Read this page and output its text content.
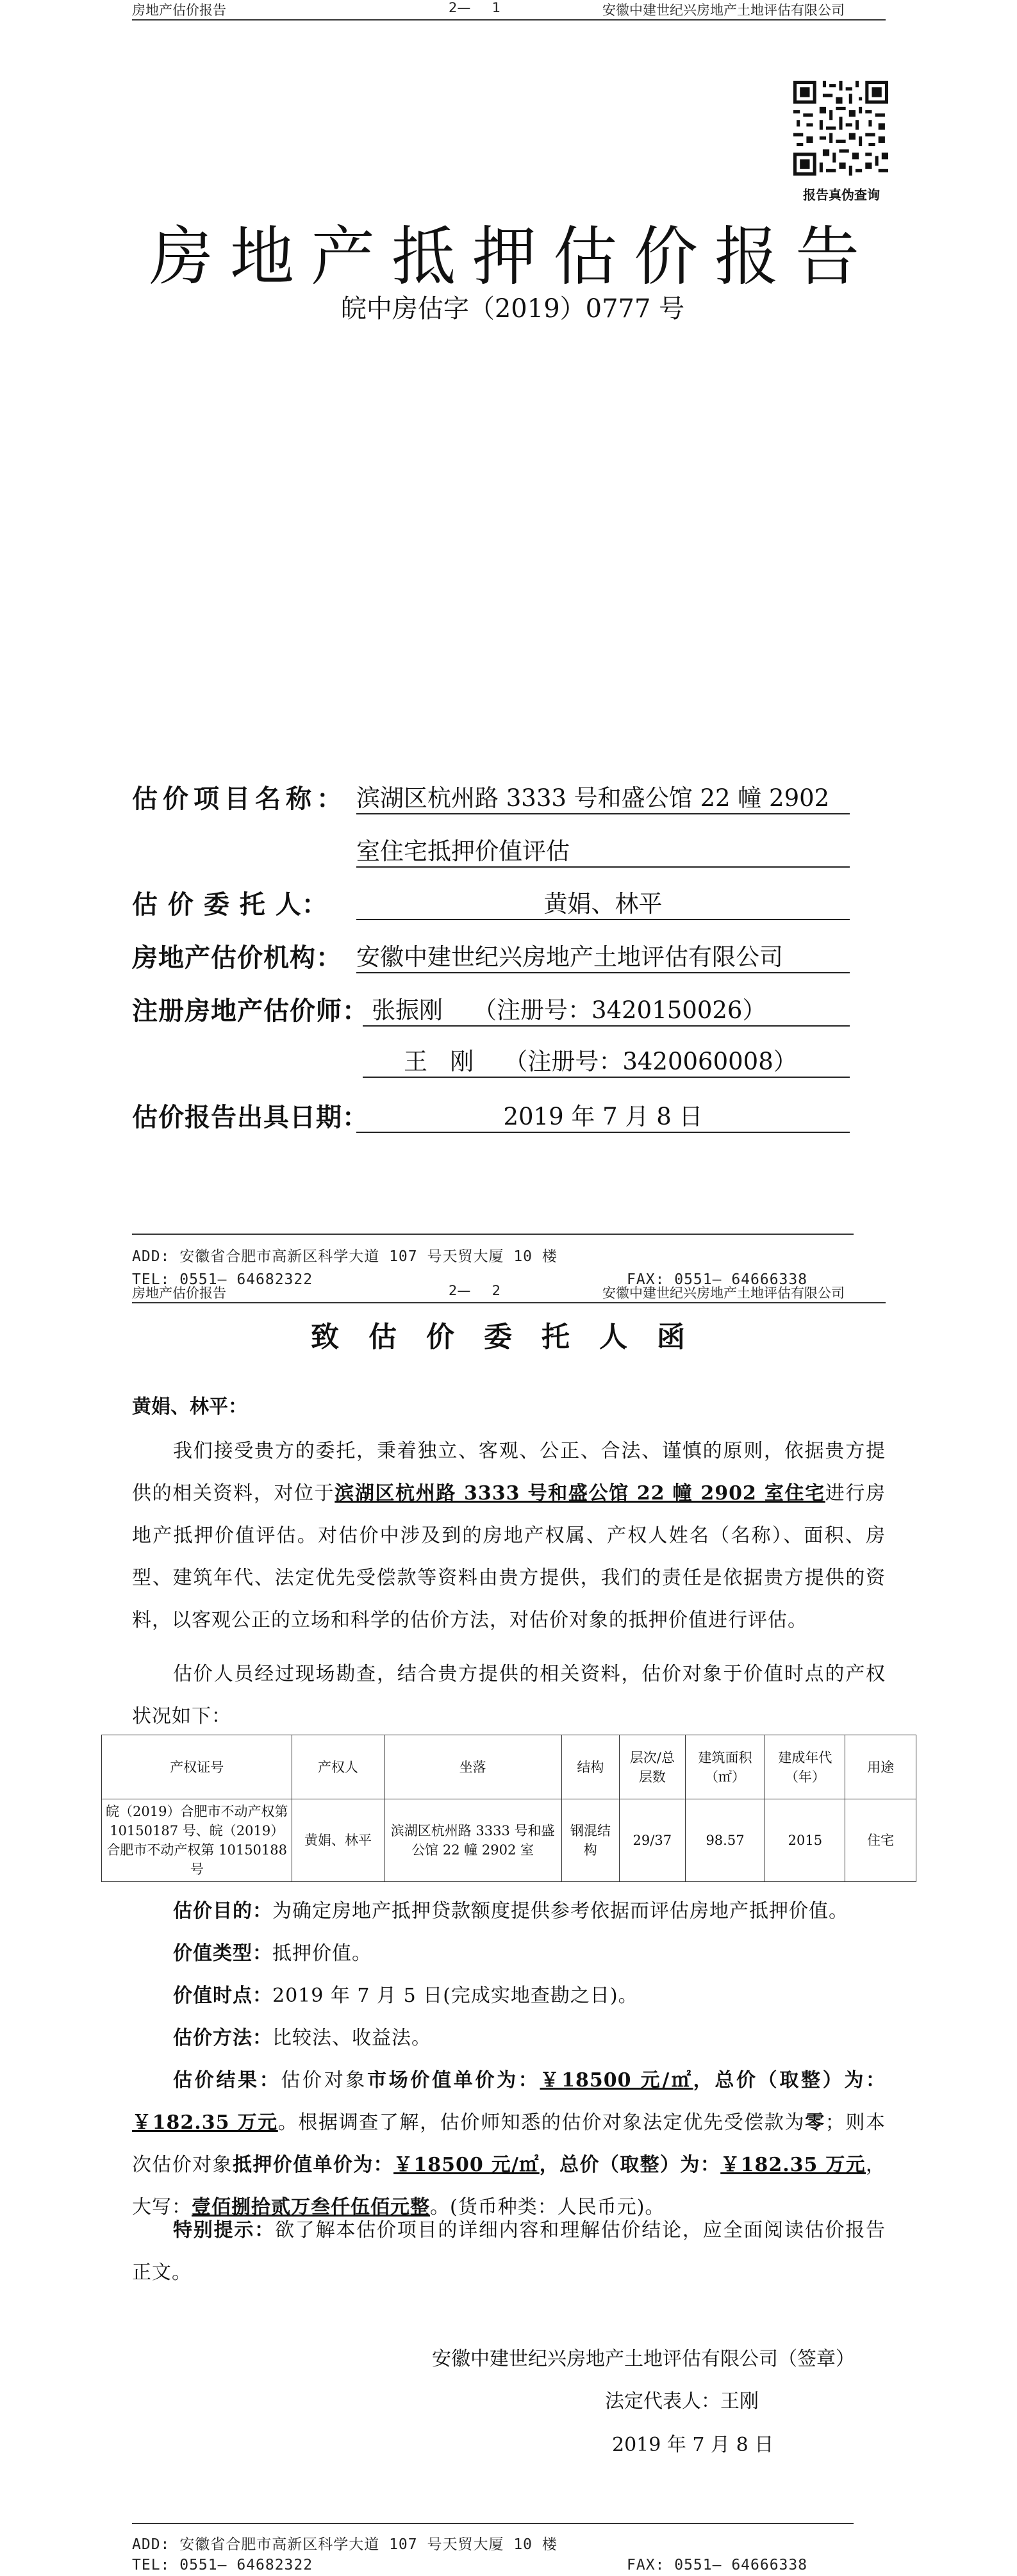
房地产估价报告	2—     1	安徽中建世纪兴房地产土地评估有限公司
报告真伪查询
房地产抵押估价报告
皖中房估字（2019）0777 号
估价项目名称： 滨湖区杭州路 3333 号和盛公馆 22 幢 2902
室住宅抵押价值评估
估 价 委 托 人：	黄娟、林平
房地产估价机构： 安徽中建世纪兴房地产土地评估有限公司
注册房地产估价师： 张振刚    （注册号：3420150026）
王   刚    （注册号：3420060008）
估价报告出具日期：	2019 年 7 月 8 日
ADD: 安徽省合肥市高新区科学大道 107 号天贸大厦 10 楼
TEL: 0551— 64682322	FAX: 0551— 64666338
房地产估价报告	2—     2	安徽中建世纪兴房地产土地评估有限公司
致估价委托人函
黄娟、林平：
我们接受贵方的委托，秉着独立、客观、公正、合法、谨慎的原则，依据贵方提供的相关资料，对位于滨湖区杭州路 3333 号和盛公馆 22 幢 2902 室住宅进行房地产抵押价值评估。对估价中涉及到的房地产权属、产权人姓名（名称）、面积、房型、建筑年代、法定优先受偿款等资料由贵方提供，我们的责任是依据贵方提供的资料，以客观公正的立场和科学的估价方法，对估价对象的抵押价值进行评估。
估价人员经过现场勘查，结合贵方提供的相关资料，估价对象于价值时点的产权状况如下：
产权证号	产权人	坐落	结构	层次/总层数	建筑面积（㎡）	建成年代（年）	用途
皖（2019）合肥市不动产权第 10150187 号、皖（2019）合肥市不动产权第 10150188 号	黄娟、林平	滨湖区杭州路 3333 号和盛公馆 22 幢 2902 室	钢混结构	29/37	98.57	2015	住宅
估价目的：为确定房地产抵押贷款额度提供参考依据而评估房地产抵押价值。
价值类型：抵押价值。
价值时点：2019 年 7 月 5 日(完成实地查勘之日)。
估价方法：比较法、收益法。
估价结果：估价对象市场价值单价为：￥18500 元/㎡，总价（取整）为：￥182.35 万元。根据调查了解，估价师知悉的估价对象法定优先受偿款为零；则本次估价对象抵押价值单价为：￥18500 元/㎡，总价（取整）为：￥182.35 万元，大写：壹佰捌拾贰万叁仟伍佰元整。(货币种类：人民币元)。
特别提示：欲了解本估价项目的详细内容和理解估价结论，应全面阅读估价报告正文。
安徽中建世纪兴房地产土地评估有限公司（签章）
法定代表人：王刚
2019 年 7 月 8 日
ADD: 安徽省合肥市高新区科学大道 107 号天贸大厦 10 楼
TEL: 0551— 64682322	FAX: 0551— 64666338
